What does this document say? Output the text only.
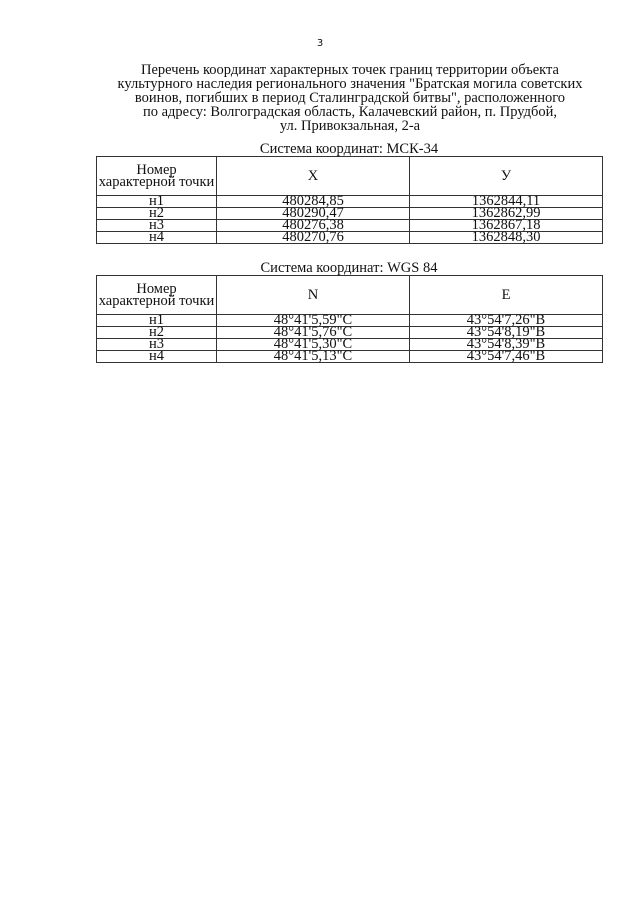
3
Перечень координат характерных точек границ территории объекта
культурного наследия регионального значения "Братская могила советских
воинов, погибших в период Сталинградской битвы", расположенного
по адресу: Волгоградская область, Калачевский район, п. Прудбой,
ул. Привокзальная, 2-а
Система координат: МСК-34
Номер характерной точки	X	У
н1	480284,85	1362844,11
н2	480290,47	1362862,99
н3	480276,38	1362867,18
н4	480270,76	1362848,30
Система координат: WGS 84
Номер характерной точки	N	E
н1	48°41'5,59"С	43°54'7,26"В
н2	48°41'5,76"С	43°54'8,19"В
н3	48°41'5,30"С	43°54'8,39"В
н4	48°41'5,13"С	43°54'7,46"В
